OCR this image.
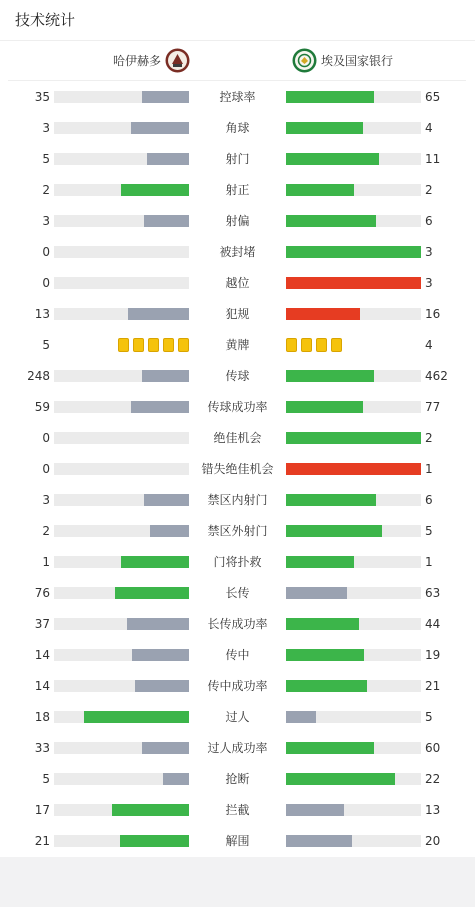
技术统计
哈伊赫多	埃及国家银行
35	控球率	65
3	角球	4
5	射门	11
2	射正	2
3	射偏	6
0	被封堵	3
0	越位	3
13	犯规	16
5	黄牌	4
248	传球	462
59	传球成功率	77
0	绝佳机会	2
0	错失绝佳机会	1
3	禁区内射门	6
2	禁区外射门	5
1	门将扑救	1
76	长传	63
37	长传成功率	44
14	传中	19
14	传中成功率	21
18	过人	5
33	过人成功率	60
5	抢断	22
17	拦截	13
21	解围	20
